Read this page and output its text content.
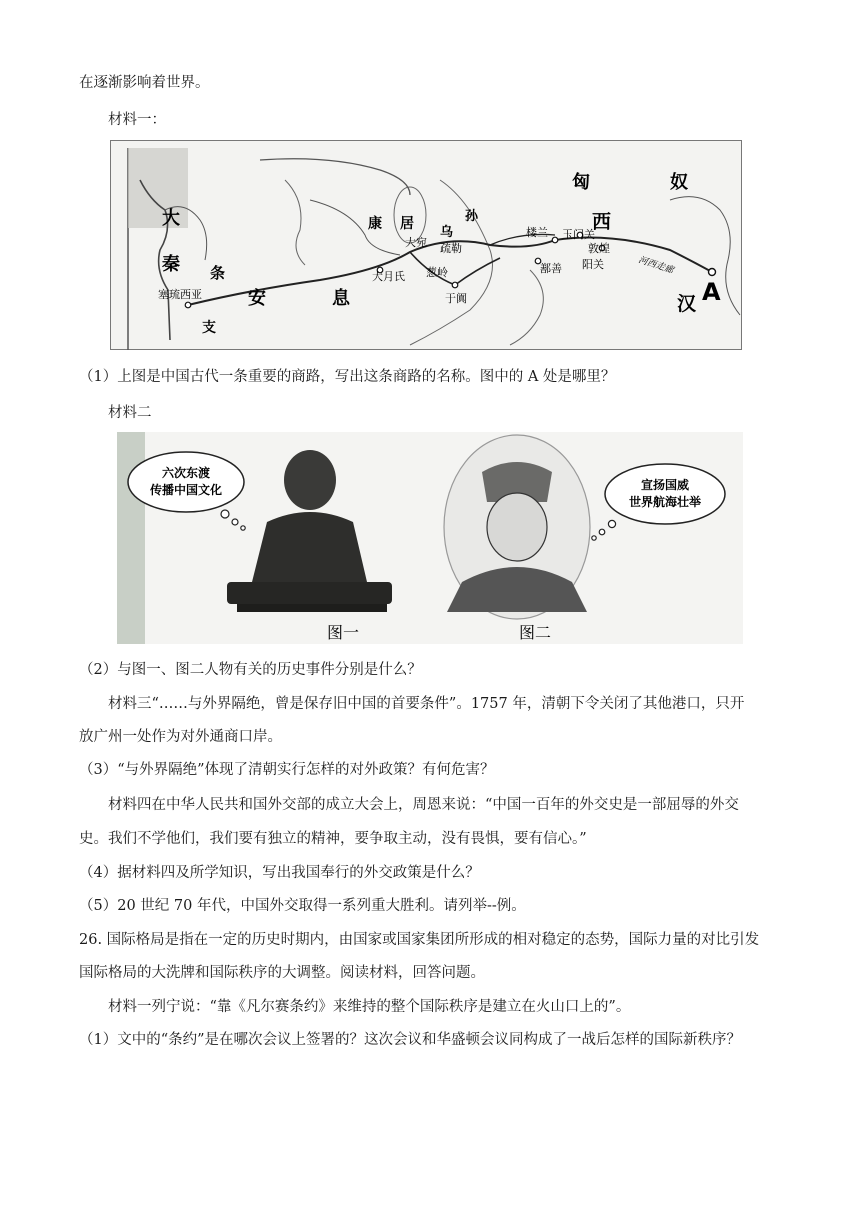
在逐渐影响着世界。
材料一：
匈	奴
西
大
秦 条
支
安	息	汉
康 居
乌
孙
大宛 疏勒
葱岭
大月氏
于阗
楼兰 玉门关
敦煌
阳关
鄯善	河西走廊
塞琉西亚	A
（1）上图是中国古代一条重要的商路，写出这条商路的名称。图中的 A 处是哪里？
材料二
六次东渡
传播中国文化	宣扬国威
世界航海壮举
图一	图二
（2）与图一、图二人物有关的历史事件分别是什么？
材料三“……与外界隔绝，曾是保存旧中国的首要条件”。1757 年，清朝下令关闭了其他港口，只开
放广州一处作为对外通商口岸。
（3）“与外界隔绝”体现了清朝实行怎样的对外政策？有何危害？
材料四在中华人民共和国外交部的成立大会上，周恩来说：“中国一百年的外交史是一部屈辱的外交
史。我们不学他们，我们要有独立的精神，要争取主动，没有畏惧，要有信心。”
（4）据材料四及所学知识，写出我国奉行的外交政策是什么？
（5）20 世纪 70 年代，中国外交取得一系列重大胜利。请列举--例。
26. 国际格局是指在一定的历史时期内，由国家或国家集团所形成的相对稳定的态势，国际力量的对比引发
国际格局的大洗牌和国际秩序的大调整。阅读材料，回答问题。
材料一列宁说：“靠《凡尔赛条约》来维持的整个国际秩序是建立在火山口上的”。
（1）文中的“条约”是在哪次会议上签署的？这次会议和华盛顿会议同构成了一战后怎样的国际新秩序？
